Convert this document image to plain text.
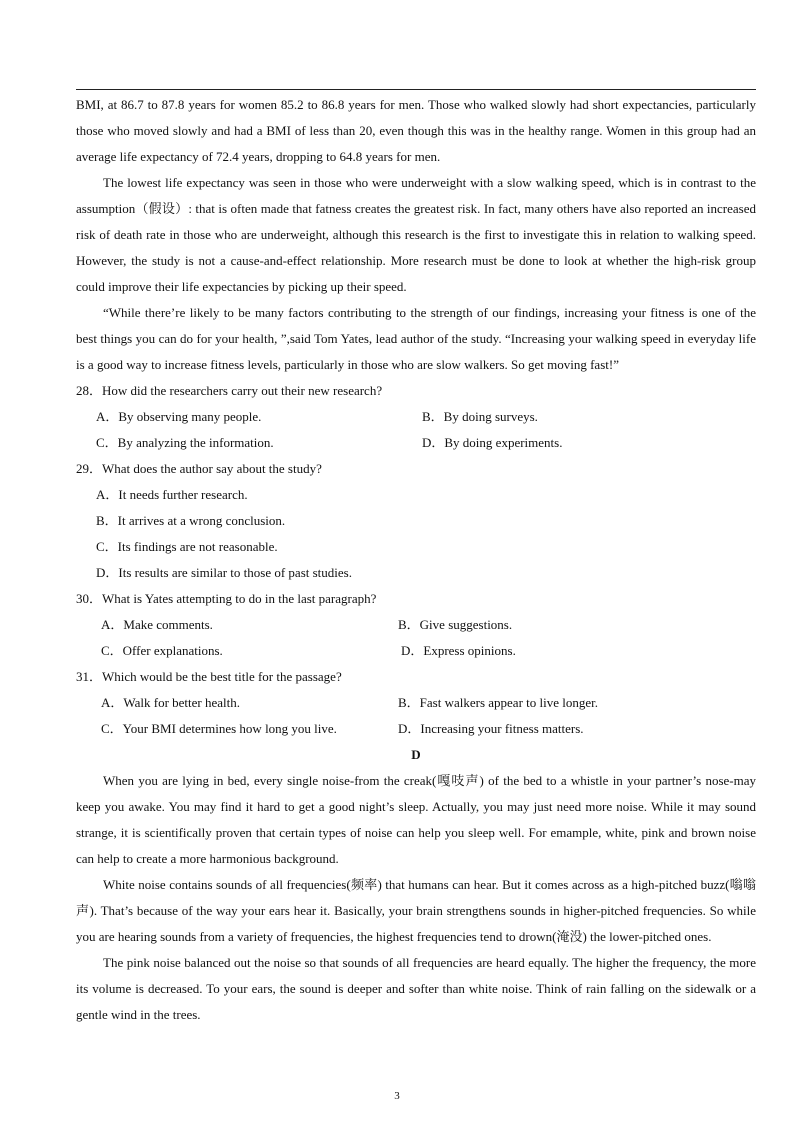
BMI, at 86.7 to 87.8 years for women 85.2 to 86.8 years for men. Those who walked slowly had short expectancies, particularly those who moved slowly and had a BMI of less than 20, even though this was in the healthy range. Women in this group had an average life expectancy of 72.4 years, dropping to 64.8 years for men.

The lowest life expectancy was seen in those who were underweight with a slow walking speed, which is in contrast to the assumption（假设）: that is often made that fatness creates the greatest risk. In fact, many others have also reported an increased risk of death rate in those who are underweight, although this research is the first to investigate this in relation to walking speed. However, the study is not a cause-and-effect relationship. More research must be done to look at whether the high-risk group could improve their life expectancies by picking up their speed.

“While there’re likely to be many factors contributing to the strength of our findings, increasing your fitness is one of the best things you can do for your health, ”,said Tom Yates, lead author of the study. “Increasing your walking speed in everyday life is a good way to increase fitness levels, particularly in those who are slow walkers. So get moving fast!”

28．How did the researchers carry out their new research?
A．By observing many people.	B．By doing surveys.
C．By analyzing the information.	D．By doing experiments.
29．What does the author say about the study?
A．It needs further research.
B．It arrives at a wrong conclusion.
C．Its findings are not reasonable.
D．Its results are similar to those of past studies.
30．What is Yates attempting to do in the last paragraph?
A．Make comments.	B．Give suggestions.
C．Offer explanations.	D．Express opinions.
31．Which would be the best title for the passage?
A．Walk for better health.	B．Fast walkers appear to live longer.
C．Your BMI determines how long you live.	D．Increasing your fitness matters.

D

When you are lying in bed, every single noise-from the creak(嘎吱声) of the bed to a whistle in your partner’s nose-may keep you awake. You may find it hard to get a good night’s sleep. Actually, you may just need more noise. While it may sound strange, it is scientifically proven that certain types of noise can help you sleep well. For emample, white, pink and brown noise can help to create a more harmonious background.

White noise contains sounds of all frequencies(频率) that humans can hear. But it comes across as a high-pitched buzz(嗡嗡声). That’s because of the way your ears hear it. Basically, your brain strengthens sounds in higher-pitched frequencies. So while you are hearing sounds from a variety of frequencies, the highest frequencies tend to drown(淹没) the lower-pitched ones.

The pink noise balanced out the noise so that sounds of all frequencies are heard equally. The higher the frequency, the more its volume is decreased. To your ears, the sound is deeper and softer than white noise. Think of rain falling on the sidewalk or a gentle wind in the trees.

3
